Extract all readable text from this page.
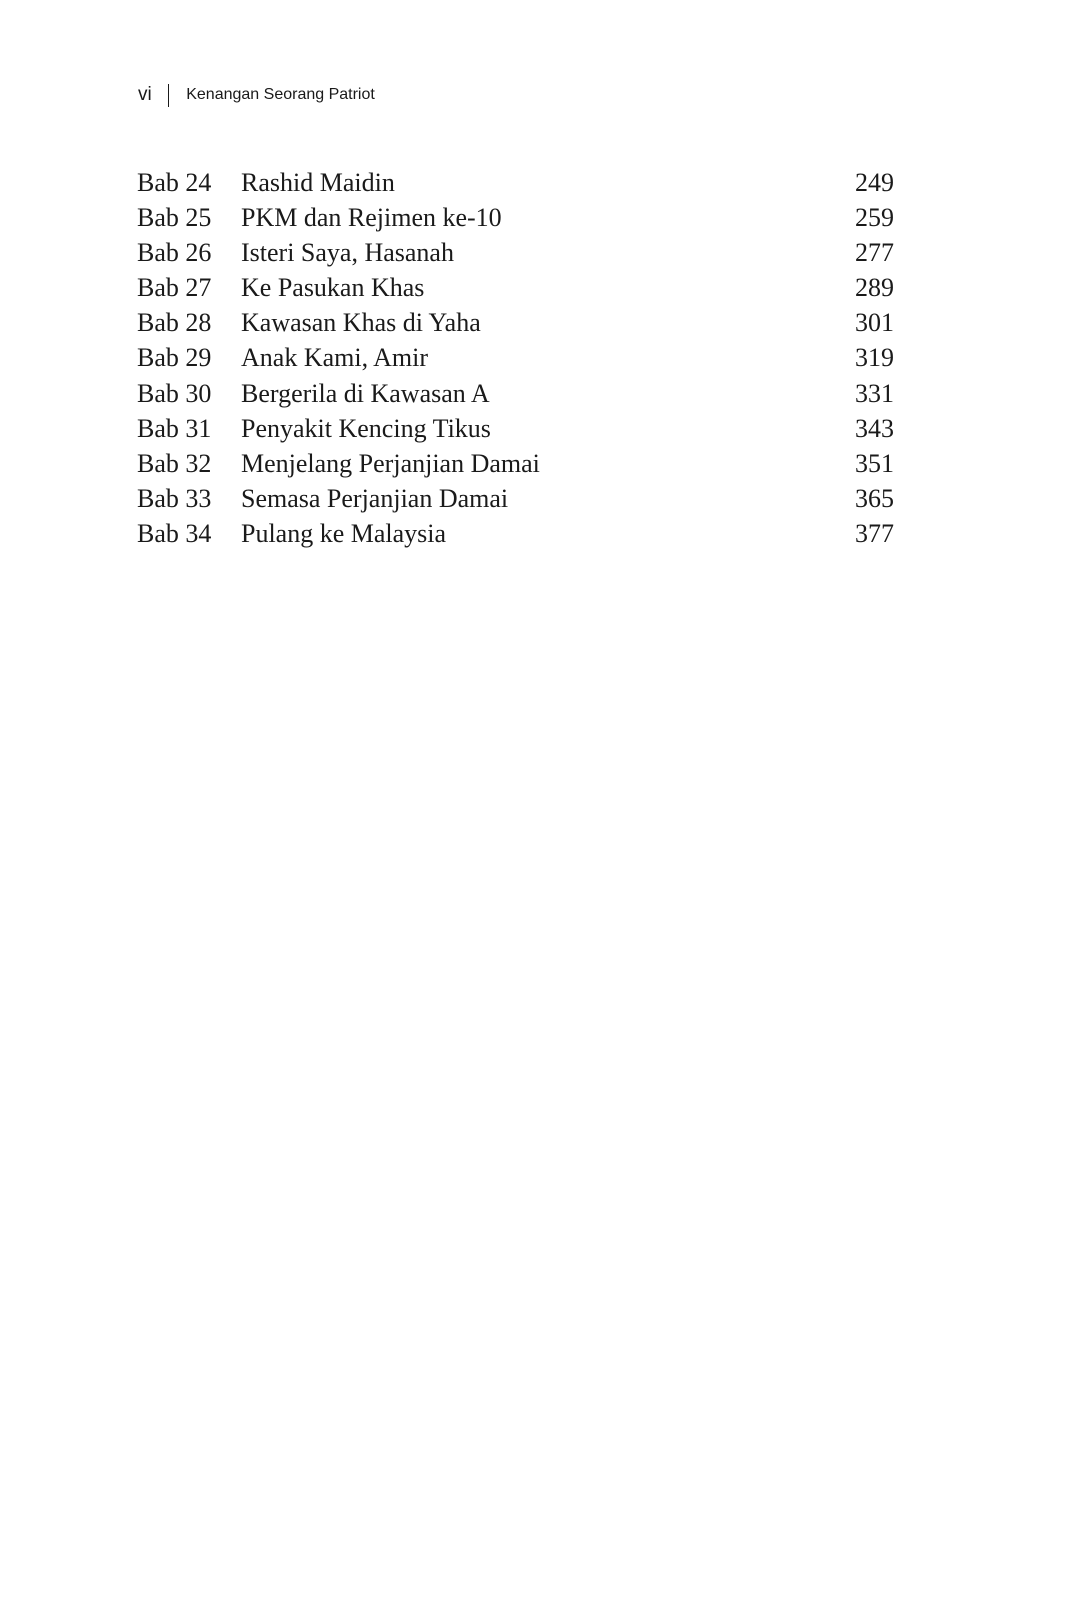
vi Kenangan Seorang Patriot
Bab 24 Rashid Maidin	249
Bab 25 PKM dan Rejimen ke-10	259
Bab 26 Isteri Saya, Hasanah	277
Bab 27 Ke Pasukan Khas	289
Bab 28 Kawasan Khas di Yaha	301
Bab 29 Anak Kami, Amir	319
Bab 30 Bergerila di Kawasan A	331
Bab 31 Penyakit Kencing Tikus	343
Bab 32 Menjelang Perjanjian Damai	351
Bab 33 Semasa Perjanjian Damai	365
Bab 34 Pulang ke Malaysia	377
